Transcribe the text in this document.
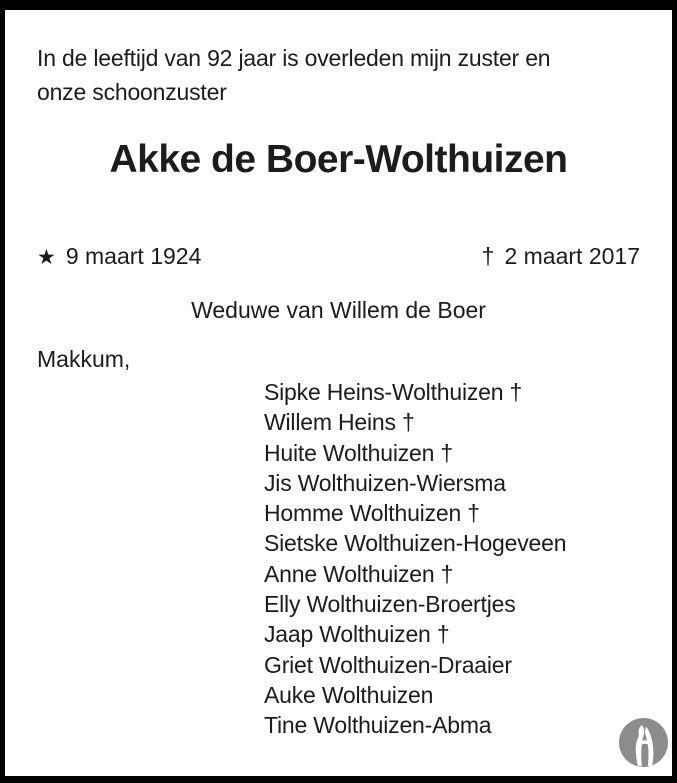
In de leeftijd van 92 jaar is overleden mijn zuster en
onze schoonzuster
Akke de Boer-Wolthuizen
★ 9 maart 1924	† 2 maart 2017
Weduwe van Willem de Boer
Makkum,
Sipke Heins-Wolthuizen †
Willem Heins †
Huite Wolthuizen †
Jis Wolthuizen-Wiersma
Homme Wolthuizen †
Sietske Wolthuizen-Hogeveen
Anne Wolthuizen †
Elly Wolthuizen-Broertjes
Jaap Wolthuizen †
Griet Wolthuizen-Draaier
Auke Wolthuizen
Tine Wolthuizen-Abma
